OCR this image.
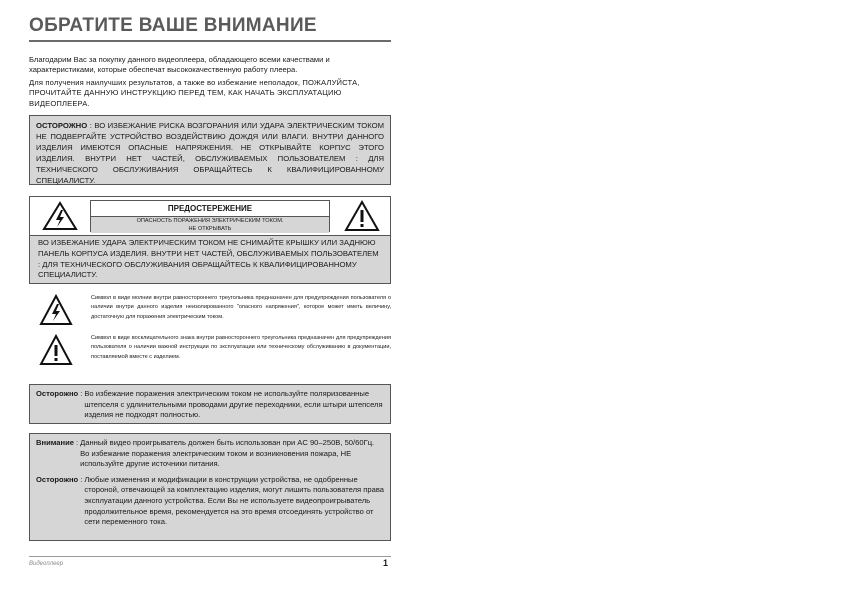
ОБРАТИТЕ ВАШЕ ВНИМАНИЕ

Благодарим Вас за покупку данного видеоплеера, обладающего всеми качествами и характеристиками, которые обеспечат высококачественную работу плеера.

Для получения наилучших результатов, а также во избежание неполадок, ПОЖАЛУЙСТА, ПРОЧИТАЙТЕ ДАННУЮ ИНСТРУКЦИЮ ПЕРЕД ТЕМ, КАК НАЧАТЬ ЭКСПЛУАТАЦИЮ ВИДЕОПЛЕЕРА.

ОСТОРОЖНО : ВО ИЗБЕЖАНИЕ РИСКА ВОЗГОРАНИЯ ИЛИ УДАРА ЭЛЕКТРИЧЕСКИМ ТОКОМ НЕ ПОДВЕРГАЙТЕ УСТРОЙСТВО ВОЗДЕЙСТВИЮ ДОЖДЯ ИЛИ ВЛАГИ. ВНУТРИ ДАННОГО ИЗДЕЛИЯ ИМЕЮТСЯ ОПАСНЫЕ НАПРЯЖЕНИЯ. НЕ ОТКРЫВАЙТЕ КОРПУС ЭТОГО ИЗДЕЛИЯ. ВНУТРИ НЕТ ЧАСТЕЙ, ОБСЛУЖИВАЕМЫХ ПОЛЬЗОВАТЕЛЕМ : ДЛЯ ТЕХНИЧЕСКОГО ОБСЛУЖИВАНИЯ ОБРАЩАЙТЕСЬ К КВАЛИФИЦИРОВАННОМУ СПЕЦИАЛИСТУ.

ПРЕДОСТЕРЕЖЕНИЕ
ОПАСНОСТЬ ПОРАЖЕНИЯ ЭЛЕКТРИЧЕСКИМ ТОКОМ.
НЕ ОТКРЫВАТЬ

ВО ИЗБЕЖАНИЕ УДАРА ЭЛЕКТРИЧЕСКИМ ТОКОМ НЕ СНИМАЙТЕ КРЫШКУ ИЛИ ЗАДНЮЮ ПАНЕЛЬ КОРПУСА ИЗДЕЛИЯ. ВНУТРИ НЕТ ЧАСТЕЙ, ОБСЛУЖИВАЕМЫХ ПОЛЬЗОВАТЕЛЕМ : ДЛЯ ТЕХНИЧЕСКОГО ОБСЛУЖИВАНИЯ ОБРАЩАЙТЕСЬ К КВАЛИФИЦИРОВАННОМУ СПЕЦИАЛИСТУ.

Символ в виде молнии внутри равностороннего треугольника предназначен для предупреждения пользователя о наличии внутри данного изделия неизолированного "опасного напряжения", которое может иметь величину, достаточную для поражения электрическим током.

Символ в виде восклицательного знака внутри равностороннего треугольника предназначен для предупреждения пользователя о наличии важной инструкции по эксплуатации или техническому обслуживанию в документации, поставляемой вместе с изделием.

Осторожно : Во избежание поражения электрическим током не используйте поляризованные штепселя с удлинительными проводами другие переходники, если штыри штепселя изделия не подходят полностью.
Внимание : Данный видео проигрыватель должен быть использован при AC 90–250В, 50/60Гц. Во избежание поражения электрическим током и возникновения пожара, НЕ используйте другие источники питания.
Осторожно : Любые изменения и модификации в конструкции устройства, не одобренные стороной, отвечающей за комплектацию изделия, могут лишить пользователя права эксплуатации данного устройства. Если Вы не используете видеопроигрыватель продолжительное время, рекомендуется на это время отсоединять устройство от сети переменного тока.
Видеоплеер	1
